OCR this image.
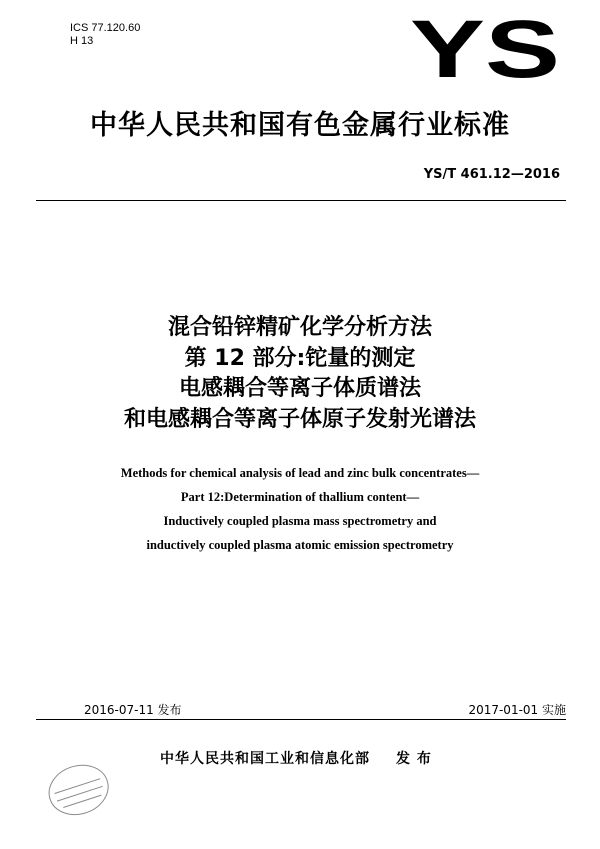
ICS 77.120.60
H 13	YS
中华人民共和国有色金属行业标准
YS/T 461.12—2016
混合铅锌精矿化学分析方法
第 12 部分:铊量的测定
电感耦合等离子体质谱法
和电感耦合等离子体原子发射光谱法
Methods for chemical analysis of lead and zinc bulk concentrates—
Part 12:Determination of thallium content—
Inductively coupled plasma mass spectrometry and
inductively coupled plasma atomic emission spectrometry
2016-07-11 发布	2017-01-01 实施
中华人民共和国工业和信息化部 发 布
